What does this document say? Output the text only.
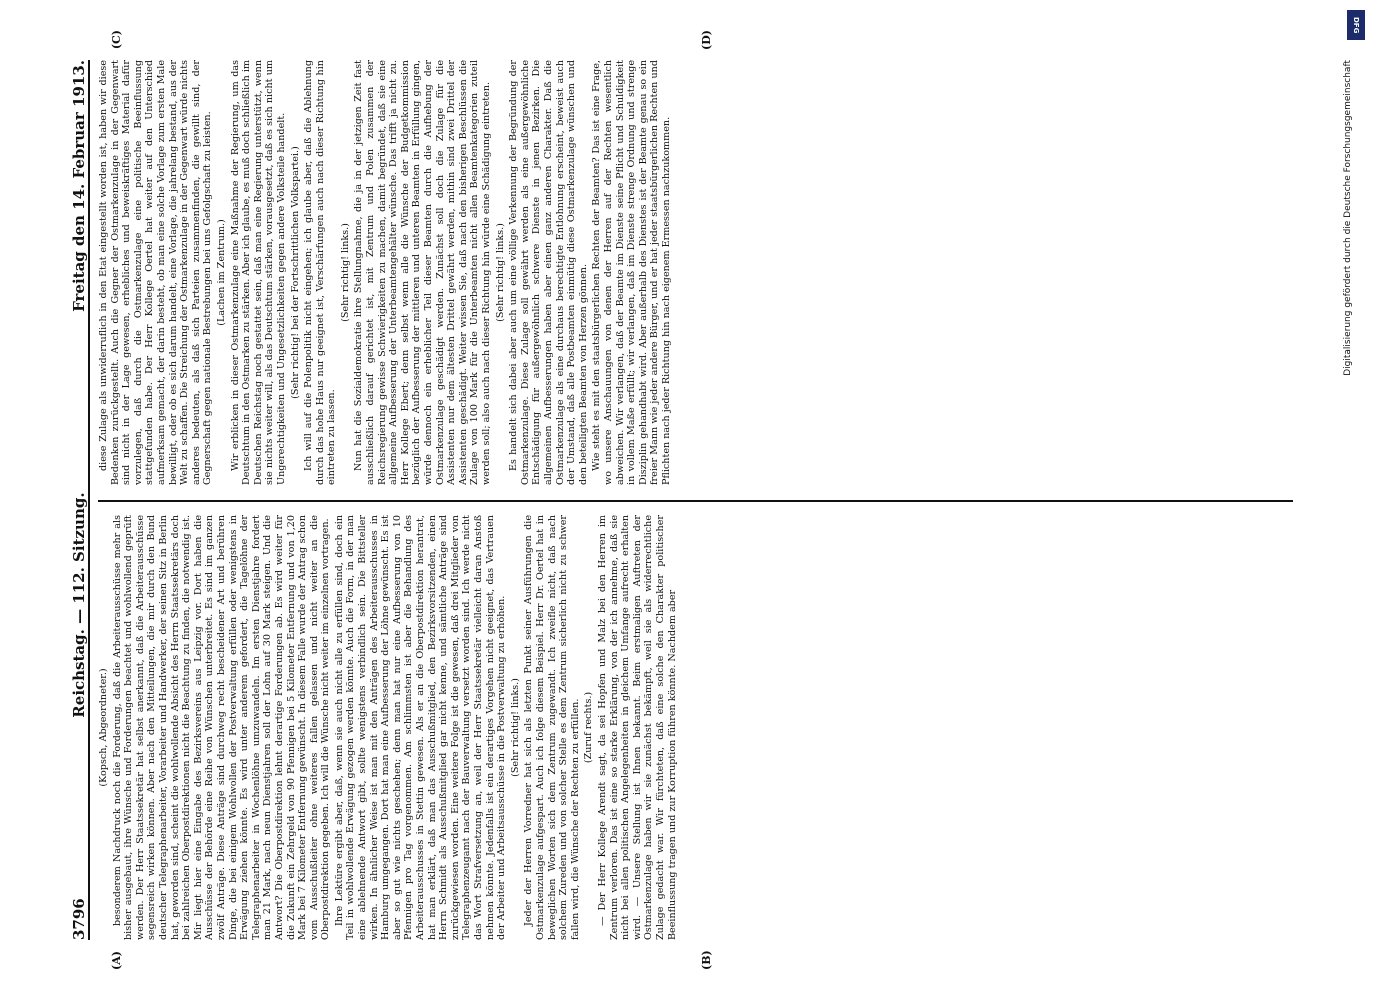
3796
Reichstag. — 112. Sitzung.
Freitag den 14. Februar 1913.
(A)	(B)
(C)	(D)

(Kopsch, Abgeordneter.) besonderem Nachdruck noch die Forderung, daß die Arbeiterausschüsse mehr als bisher ausgebaut, ihre Wünsche und Forderungen beachtet und wohlwollend geprüft werden. Der Herr Staatssekretär hat selbst anerkannt, daß die Arbeiterausschüsse segensreich wirken können. Aber nach den Mitteilungen, die mir durch den Bund deutscher Telegraphenarbeiter, Vorarbeiter und Handwerker, der seinen Sitz in Berlin hat, geworden sind, scheint die wohlwollende Absicht des Herrn Staatssekretärs doch bei zahlreichen Oberpostdirektionen nicht die Beachtung zu finden, die notwendig ist. Mir liegt hier eine Eingabe des Bezirksvereins aus Leipzig vor. Dort haben die Ausschüsse der Behörde eine Reihe von Wünschen unterbreitet. Es sind im ganzen zwölf Anträge. Diese Anträge sind durchweg recht bescheidener Art und berühren Dinge, die bei einigem Wohlwollen der Postverwaltung erfüllen oder wenigstens in Erwägung ziehen könnte. Es wird unter anderem gefordert, die Tagelöhne der Telegraphenarbeiter in Wochenlöhne umzuwandeln. Im ersten Dienstjahre fordert man 21 Mark, nach neun Dienstjahren soll der Lohn auf 30 Mark steigen. Und die Antwort? Die Oberpostdirektion lehnt derartige Forderungen ab. Es wird weiter für die Zukunft ein Zehrgeld von 90 Pfennigen bei 5 Kilometer Entfernung und von 1,20 Mark bei 7 Kilometer Entfernung gewünscht. In diesem Falle wurde der Antrag schon vom Ausschußleiter ohne weiteres fallen gelassen und nicht weiter an die Oberpostdirektion gegeben. Ich will die Wünsche nicht weiter im einzelnen vortragen. Ihre Lektüre ergibt aber, daß, wenn sie auch nicht alle zu erfüllen sind, doch ein Teil in wohlwollende Erwägung gezogen werden könnte. Auch die Form, in der man eine ablehnende Antwort gibt, sollte wenigstens verbindlich sein. Die Bittsteller wirken. In ähnlicher Weise ist man mit den Anträgen des Arbeiterausschusses in Hamburg umgegangen. Dort hat man eine Aufbesserung der Löhne gewünscht. Es ist aber so gut wie nichts geschehen; denn man hat nur eine Aufbesserung von 10 Pfennigen pro Tag vorgenommen. Am schlimmsten ist aber die Behandlung des Arbeiterausschusses in Stettin gewesen. Als er an die Oberpostdirektion herantrat, hat man erklärt, daß man das Ausschußmitglied, den Bezirksvorsitzenden, einen Herrn Schmidt als Ausschußmitglied gar nicht kenne, und sämtliche Anträge sind zurückgewiesen worden. Eine weitere Folge ist die gewesen, daß drei Mitglieder von Telegraphenzeugamt nach der Bauverwaltung versetzt worden sind. Ich werde nicht das Wort Strafversetzung an, weil der Herr Staatssekretär vielleicht daran Anstoß nehmen könnte. Jedenfalls ist ein derartiges Vorgehen nicht geeignet, das Vertrauen der Arbeiter und Arbeitsausschüsse in die Postverwaltung zu erhöhen. (Sehr richtig! links.) Jeder der Herren Vorredner hat sich als letzten Punkt seiner Ausführungen die Ostmarkenzulage aufgespart. Auch ich folge diesem Beispiel. Herr Dr. Oertel hat in beweglichen Worten sich dem Zentrum zugewandt. Ich zweifle nicht, daß nach solchem Zureden und von solcher Stelle es dem Zentrum sicherlich nicht zu schwer fallen wird, die Wünsche der Rechten zu erfüllen. (Zuruf rechts.) — Der Herr Kollege Arendt sagt, da sei Hopfen und Malz bei den Herren im Zentrum verloren. Das ist eine so starke Erklärung, von der ich annehme, daß sie nicht bei allen politischen Angelegenheiten in gleichem Umfange aufrecht erhalten wird. — Unsere Stellung ist Ihnen bekannt. Beim erstmaligen Auftreten der Ostmarkenzulage haben wir sie zunächst bekämpft, weil sie als widerrechtliche Zulage gedacht war. Wir fürchteten, daß eine solche den Charakter politischer Beeinflussung tragen und zur Korruption führen könnte. Nachdem aber

diese Zulage als unwiderruflich in den Etat eingestellt worden ist, haben wir diese Bedenken zurückgestellt. Auch die Gegner der Ostmarkenzulage in der Gegenwart sind nicht in der Lage gewesen, erhebliches und beweiskräftiges Material dafür vorzulegen, daß durch die Ostmarkenzulage eine politische Beeinflussung stattgefunden habe. Der Herr Kollege Oertel hat weiter auf den Unterschied aufmerksam gemacht, der darin besteht, ob man eine solche Vorlage zum ersten Male bewilligt, oder ob es sich darum handelt, eine Vorlage, die jahrelang bestand, aus der Welt zu schaffen. Die Streichung der Ostmarkenzulage in der Gegenwart würde nichts anderes bedeuten, als daß sich Parteien zusammenfinden, die gewillt sind, der Gegnerschaft gegen nationale Bestrebungen bei uns Gefolgschaft zu leisten. (Lachen im Zentrum.) Wir erblicken in dieser Ostmarkenzulage eine Maßnahme der Regierung, um das Deutschtum in den Ostmarken zu stärken. Aber ich glaube, es muß doch schließlich im Deutschen Reichstag noch gestattet sein, daß man eine Regierung unterstützt, wenn sie nichts weiter will, als das Deutschtum stärken, vorausgesetzt, daß es sich nicht um Ungerechtigkeiten und Ungesetzlichkeiten gegen andere Volksteile handelt. (Sehr richtig! bei der Fortschrittlichen Volkspartei.) Ich will auf die Polenpolitik nicht eingehen; ich glaube aber, daß die Ablehnung durch das hohe Haus nur geeignet ist, Verschärfungen auch nach dieser Richtung hin eintreten zu lassen.

(Sehr richtig! links.) Nun hat die Sozialdemokratie ihre Stellungnahme, die ja in der jetzigen Zeit fast ausschließlich darauf gerichtet ist, mit Zentrum und Polen zusammen der Reichsregierung gewisse Schwierigkeiten zu machen, damit begründet, daß sie eine allgemeine Aufbesserung der Unterbeamtengehälter wünsche. Das trifft ja nicht zu. Herr Kollege Ebert; denn selbst wenn alle die Wünsche der Budgetkommission bezüglich der Aufbesserung der mittleren und unteren Beamten in Erfüllung gingen, würde dennoch ein erheblicher Teil dieser Beamten durch die Aufhebung der Ostmarkenzulage geschädigt werden. Zunächst soll doch die Zulage für die Assistenten nur dem ältesten Drittel gewährt werden, mithin sind zwei Drittel der Assistenten geschädigt. Weiter wissen Sie, daß nach den bisherigen Beschlüssen die Zulage von 100 Mark für die Unterbeamten nicht allen Beamtenkategorien zuteil werden soll; also auch nach dieser Richtung hin würde eine Schädigung eintreten. (Sehr richtig! links.) Es handelt sich dabei aber auch um eine völlige Verkennung der Begründung der Ostmarkenzulage. Diese Zulage soll gewährt werden als eine außergewöhnliche Entschädigung für außergewöhnlich schwere Dienste in jenen Bezirken. Die allgemeinen Aufbesserungen haben aber einen ganz anderen Charakter. Daß die Ostmarkenzulage als eine durchaus berechtigte Entlohnung erscheint, beweist auch der Umstand, daß alle Postbeamten einmütig diese Ostmarkenzulage wünschen und den beteiligten Beamten von Herzen gönnen. Wie steht es mit den staatsbürgerlichen Rechten der Beamten? Das ist eine Frage, wo unsere Anschauungen von denen der Herren auf der Rechten wesentlich abweichen. Wir verlangen, daß der Beamte im Dienste seine Pflicht und Schuldigkeit in vollem Maße erfüllt; wir verlangen, daß im Dienste strenge Ordnung und strenge Disziplin gehandhabt wird. Aber außerhalb des Dienstes ist der Beamte genau so ein freier Mann wie jeder andere Bürger, und er hat jeder staatsbürgerlichen Rechten und Pflichten nach jeder Richtung hin nach eigenem Ermessen nachzukommen.	Digitalisierung gefördert durch die Deutsche Forschungsgemeinschaft
DFG
